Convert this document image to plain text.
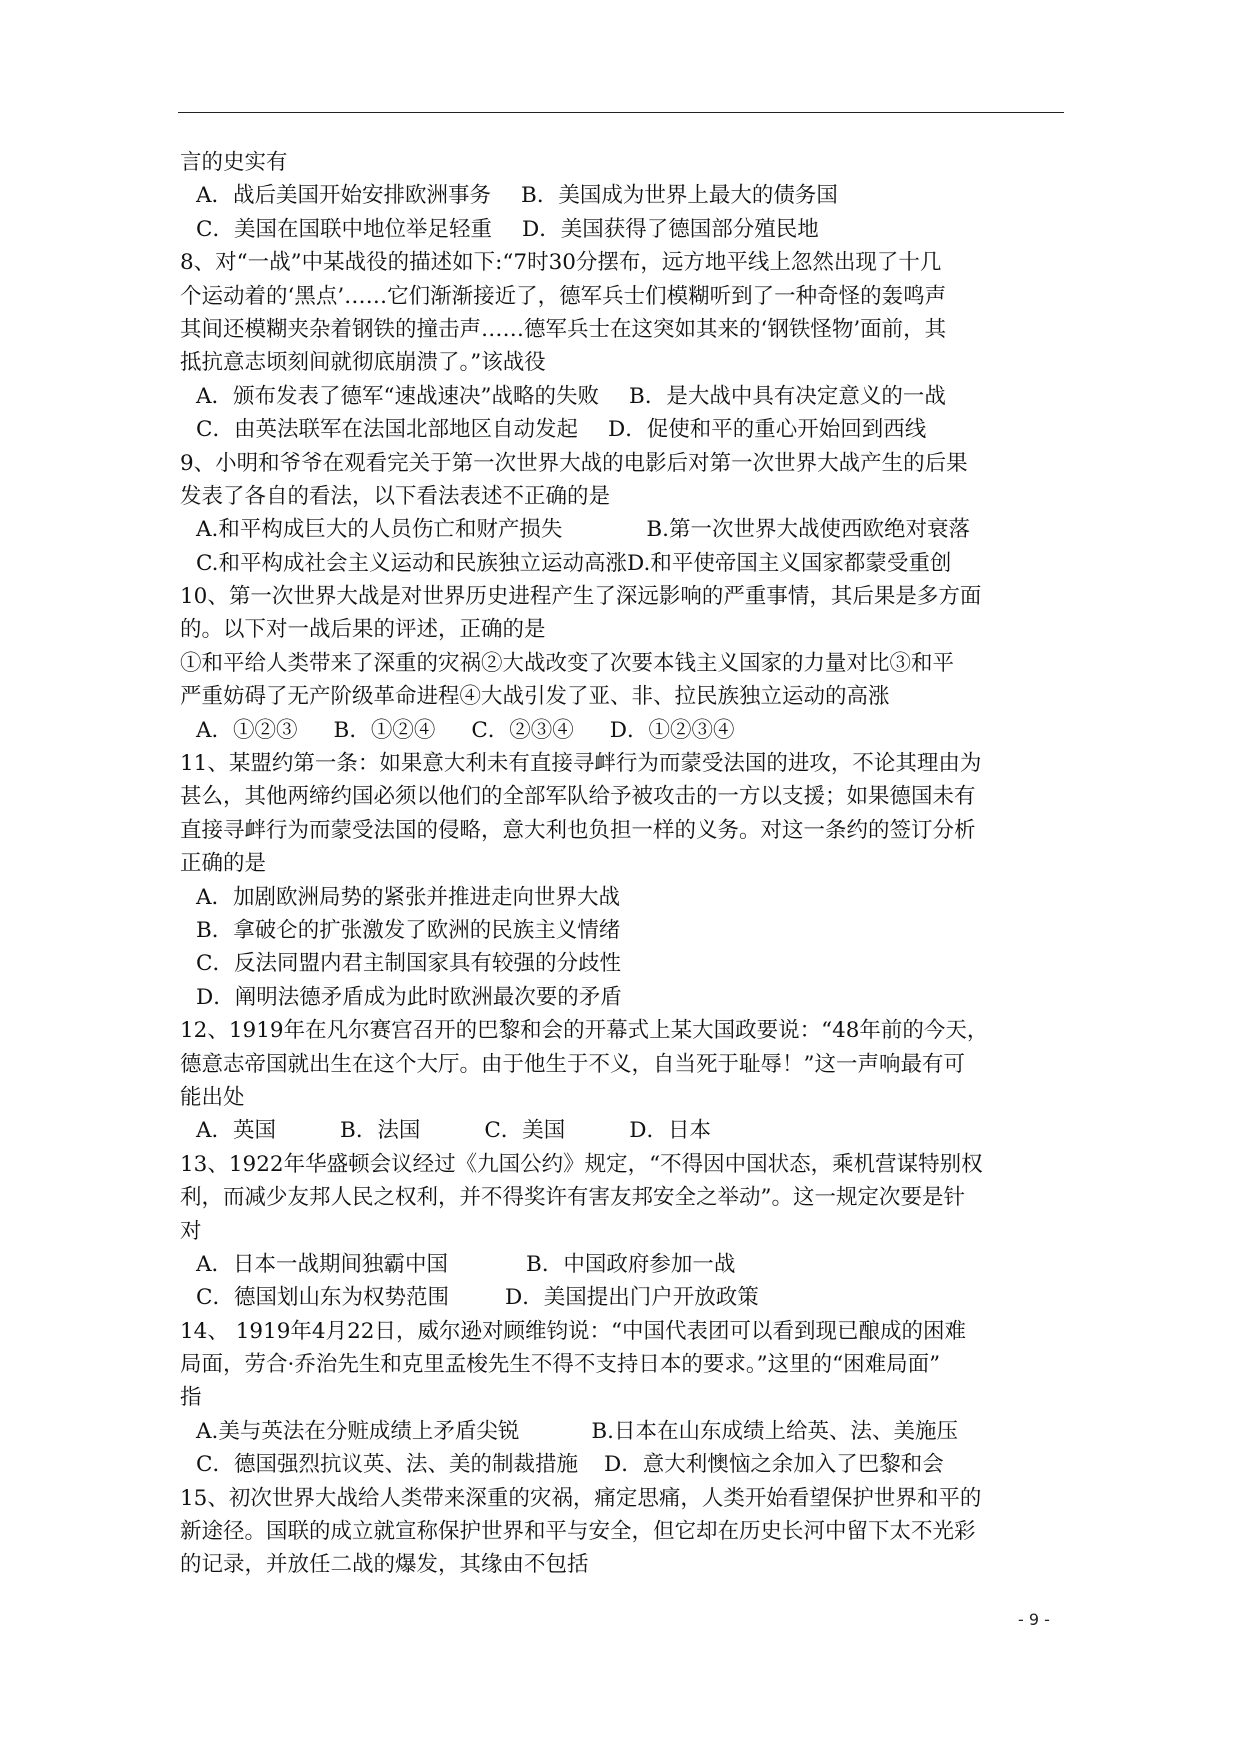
言的史实有
A．战后美国开始安排欧洲事务 B．美国成为世界上最大的债务国
C．美国在国联中地位举足轻重 D．美国获得了德国部分殖民地
8、对“一战”中某战役的描述如下:“7时30分摆布，远方地平线上忽然出现了十几
个运动着的‘黑点’……它们渐渐接近了，德军兵士们模糊听到了一种奇怪的轰鸣声
其间还模糊夹杂着钢铁的撞击声……德军兵士在这突如其来的‘钢铁怪物’面前，其
抵抗意志顷刻间就彻底崩溃了。”该战役
A．颁布发表了德军“速战速决”战略的失败 B．是大战中具有决定意义的一战
C．由英法联军在法国北部地区自动发起 D．促使和平的重心开始回到西线
9、小明和爷爷在观看完关于第一次世界大战的电影后对第一次世界大战产生的后果
发表了各自的看法，以下看法表述不正确的是
A.和平构成巨大的人员伤亡和财产损失	B.第一次世界大战使西欧绝对衰落
C.和平构成社会主义运动和民族独立运动高涨D.和平使帝国主义国家都蒙受重创
10、第一次世界大战是对世界历史进程产生了深远影响的严重事情，其后果是多方面
的。以下对一战后果的评述，正确的是
①和平给人类带来了深重的灾祸②大战改变了次要本钱主义国家的力量对比③和平
严重妨碍了无产阶级革命进程④大战引发了亚、非、拉民族独立运动的高涨
A．①②③ B．①②④ C．②③④ D．①②③④
11、某盟约第一条：如果意大利未有直接寻衅行为而蒙受法国的进攻，不论其理由为
甚么，其他两缔约国必须以他们的全部军队给予被攻击的一方以支援；如果德国未有
直接寻衅行为而蒙受法国的侵略，意大利也负担一样的义务。对这一条约的签订分析
正确的是
A．加剧欧洲局势的紧张并推进走向世界大战
B．拿破仑的扩张激发了欧洲的民族主义情绪
C．反法同盟内君主制国家具有较强的分歧性
D．阐明法德矛盾成为此时欧洲最次要的矛盾
12、1919年在凡尔赛宫召开的巴黎和会的开幕式上某大国政要说：“48年前的今天，
德意志帝国就出生在这个大厅。由于他生于不义，自当死于耻辱！”这一声响最有可
能出处
A．英国	B．法国	C．美国	D．日本
13、1922年华盛顿会议经过《九国公约》规定，“不得因中国状态，乘机营谋特别权
利，而减少友邦人民之权利，并不得奖许有害友邦安全之举动”。这一规定次要是针
对
A．日本一战期间独霸中国	B．中国政府参加一战
C．德国划山东为权势范围	D．美国提出门户开放政策
14、 1919年4月22日，威尔逊对顾维钧说：“中国代表团可以看到现已酿成的困难
局面，劳合·乔治先生和克里孟梭先生不得不支持日本的要求。”这里的“困难局面”
指
A.美与英法在分赃成绩上矛盾尖锐	B.日本在山东成绩上给英、法、美施压
C．德国强烈抗议英、法、美的制裁措施 D．意大利懊恼之余加入了巴黎和会
15、初次世界大战给人类带来深重的灾祸，痛定思痛，人类开始看望保护世界和平的
新途径。国联的成立就宣称保护世界和平与安全，但它却在历史长河中留下太不光彩
的记录，并放任二战的爆发，其缘由不包括
- 9 -
